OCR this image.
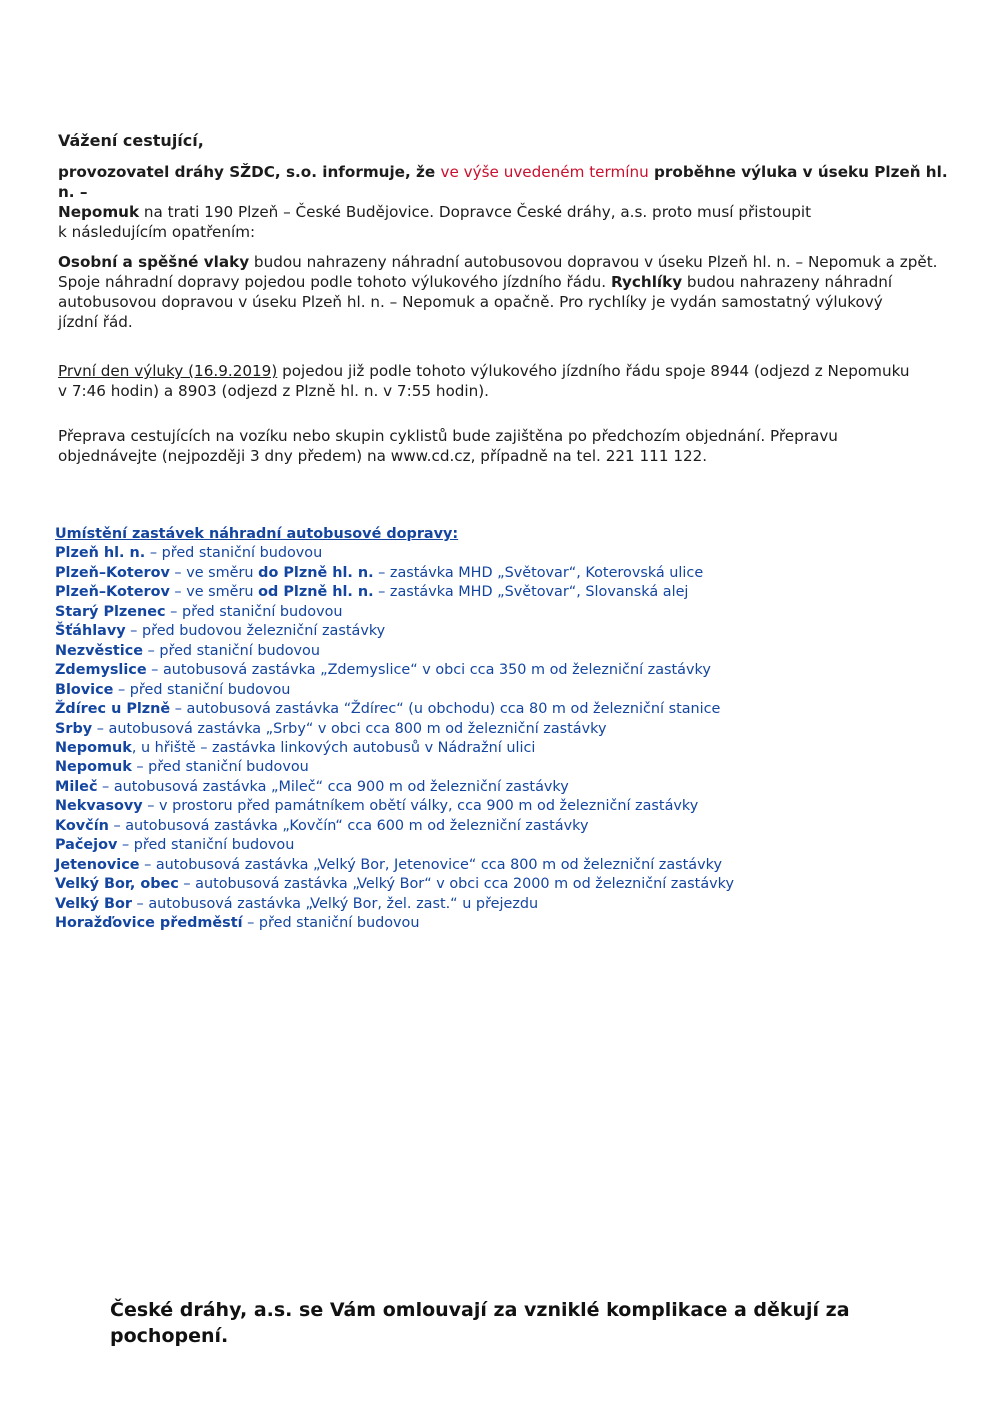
Vážení cestující,
provozovatel dráhy SŽDC, s.o. informuje, že ve výše uvedeném termínu proběhne výluka v úseku Plzeň hl. n. –
Nepomuk na trati 190 Plzeň – České Budějovice. Dopravce České dráhy, a.s. proto musí přistoupit
k následujícím opatřením:
Osobní a spěšné vlaky budou nahrazeny náhradní autobusovou dopravou v úseku Plzeň hl. n. – Nepomuk a zpět.
Spoje náhradní dopravy pojedou podle tohoto výlukového jízdního řádu. Rychlíky budou nahrazeny náhradní
autobusovou dopravou v úseku Plzeň hl. n. – Nepomuk a opačně. Pro rychlíky je vydán samostatný výlukový
jízdní řád.
První den výluky (16.9.2019) pojedou již podle tohoto výlukového jízdního řádu spoje 8944 (odjezd z Nepomuku
v 7:46 hodin) a 8903 (odjezd z Plzně hl. n. v 7:55 hodin).
Přeprava cestujících na vozíku nebo skupin cyklistů bude zajištěna po předchozím objednání. Přepravu
objednávejte (nejpozději 3 dny předem) na www.cd.cz, případně na tel. 221 111 122.
Umístění zastávek náhradní autobusové dopravy:
Plzeň hl. n. – před staniční budovou
Plzeň–Koterov – ve směru do Plzně hl. n. – zastávka MHD „Světovar“, Koterovská ulice
Plzeň–Koterov – ve směru od Plzně hl. n. – zastávka MHD „Světovar“, Slovanská alej
Starý Plzenec – před staniční budovou
Šťáhlavy – před budovou železniční zastávky
Nezvěstice – před staniční budovou
Zdemyslice – autobusová zastávka „Zdemyslice“ v obci cca 350 m od železniční zastávky
Blovice – před staniční budovou
Ždírec u Plzně – autobusová zastávka “Ždírec“ (u obchodu) cca 80 m od železniční stanice
Srby – autobusová zastávka „Srby“ v obci cca 800 m od železniční zastávky
Nepomuk, u hřiště – zastávka linkových autobusů v Nádražní ulici
Nepomuk – před staniční budovou
Mileč – autobusová zastávka „Mileč“ cca 900 m od železniční zastávky
Nekvasovy – v prostoru před památníkem obětí války, cca 900 m od železniční zastávky
Kovčín – autobusová zastávka „Kovčín“ cca 600 m od železniční zastávky
Pačejov – před staniční budovou
Jetenovice – autobusová zastávka „Velký Bor, Jetenovice“ cca 800 m od železniční zastávky
Velký Bor, obec – autobusová zastávka „Velký Bor“ v obci cca 2000 m od železniční zastávky
Velký Bor – autobusová zastávka „Velký Bor, žel. zast.“ u přejezdu
Horažďovice předměstí – před staniční budovou
České dráhy, a.s. se Vám omlouvají za vzniklé komplikace a děkují za pochopení.
